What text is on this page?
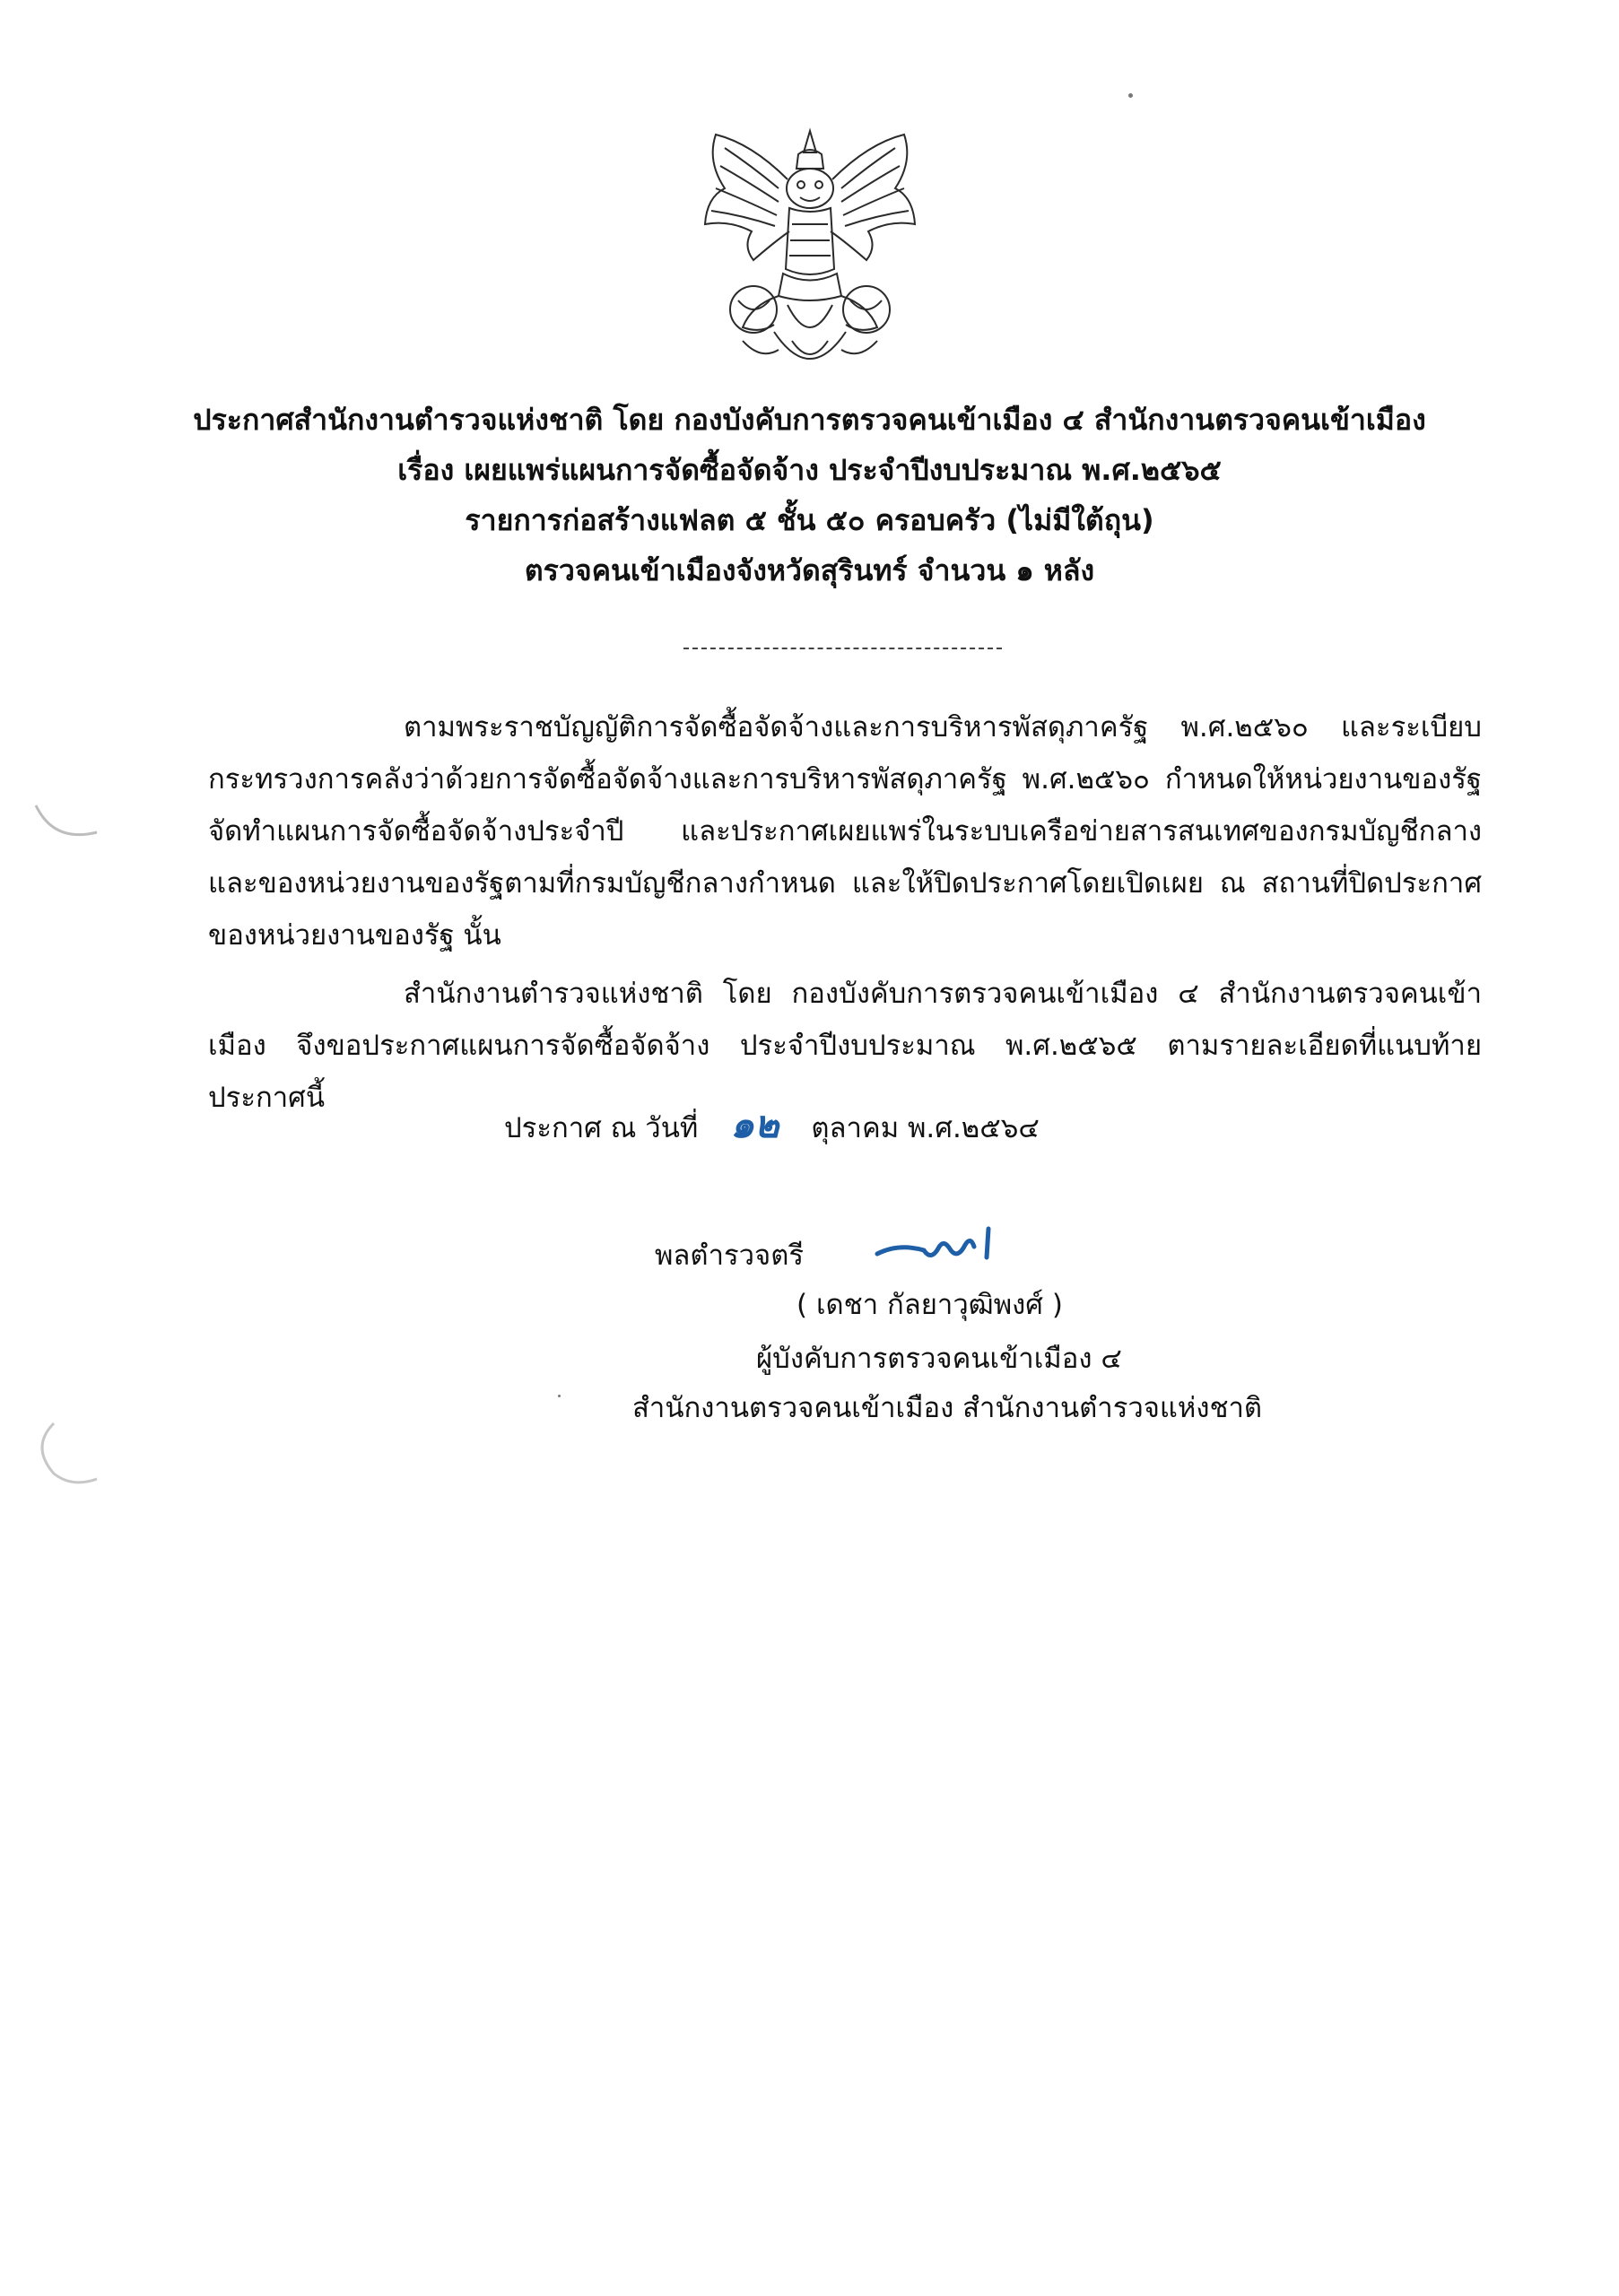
ประกาศสำนักงานตำรวจแห่งชาติ โดย กองบังคับการตรวจคนเข้าเมือง ๔ สำนักงานตรวจคนเข้าเมือง
เรื่อง เผยแพร่แผนการจัดซื้อจัดจ้าง ประจำปีงบประมาณ พ.ศ.๒๕๖๕
รายการก่อสร้างแฟลต ๕ ชั้น ๕๐ ครอบครัว (ไม่มีใต้ถุน)
ตรวจคนเข้าเมืองจังหวัดสุรินทร์ จำนวน ๑ หลัง
ตามพระราชบัญญัติการจัดซื้อจัดจ้างและการบริหารพัสดุภาครัฐ พ.ศ.๒๕๖๐ และระเบียบกระทรวงการคลังว่าด้วยการจัดซื้อจัดจ้างและการบริหารพัสดุภาครัฐ พ.ศ.๒๕๖๐ กำหนดให้หน่วยงานของรัฐจัดทำแผนการจัดซื้อจัดจ้างประจำปี และประกาศเผยแพร่ในระบบเครือข่ายสารสนเทศของกรมบัญชีกลางและของหน่วยงานของรัฐตามที่กรมบัญชีกลางกำหนด และให้ปิดประกาศโดยเปิดเผย ณ สถานที่ปิดประกาศของหน่วยงานของรัฐ นั้น
สำนักงานตำรวจแห่งชาติ โดย กองบังคับการตรวจคนเข้าเมือง ๔ สำนักงานตรวจคนเข้าเมือง จึงขอประกาศแผนการจัดซื้อจัดจ้าง ประจำปีงบประมาณ พ.ศ.๒๕๖๕ ตามรายละเอียดที่แนบท้ายประกาศนี้
ประกาศ ณ วันที่ ๑๒ ตุลาคม พ.ศ.๒๕๖๔
พลตำรวจตรี
( เดชา กัลยาวุฒิพงศ์ )
ผู้บังคับการตรวจคนเข้าเมือง ๔
สำนักงานตรวจคนเข้าเมือง สำนักงานตำรวจแห่งชาติ
